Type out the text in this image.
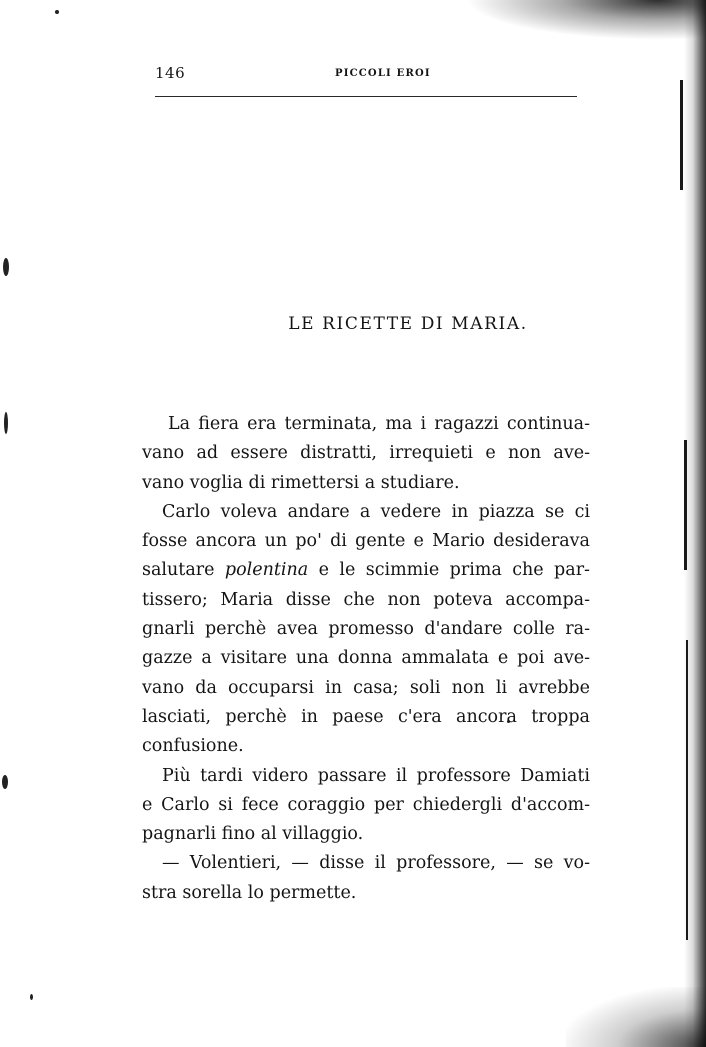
146	PICCOLI EROI
LE RICETTE DI MARIA.
La fiera era terminata, ma i ragazzi continua-
vano ad essere distratti, irrequieti e non ave-
vano voglia di rimettersi a studiare.
Carlo voleva andare a vedere in piazza se ci
fosse ancora un po' di gente e Mario desiderava
salutare polentina e le scimmie prima che par-
tissero; Maria disse che non poteva accompa-
gnarli perchè avea promesso d'andare colle ra-
gazze a visitare una donna ammalata e poi ave-
vano da occuparsi in casa; soli non li avrebbe
lasciati, perchè in paese c'era ancora troppa
confusione.
Più tardi videro passare il professore Damiati
e Carlo si fece coraggio per chiedergli d'accom-
pagnarli fino al villaggio.
— Volentieri, — disse il professore, — se vo-
stra sorella lo permette.
